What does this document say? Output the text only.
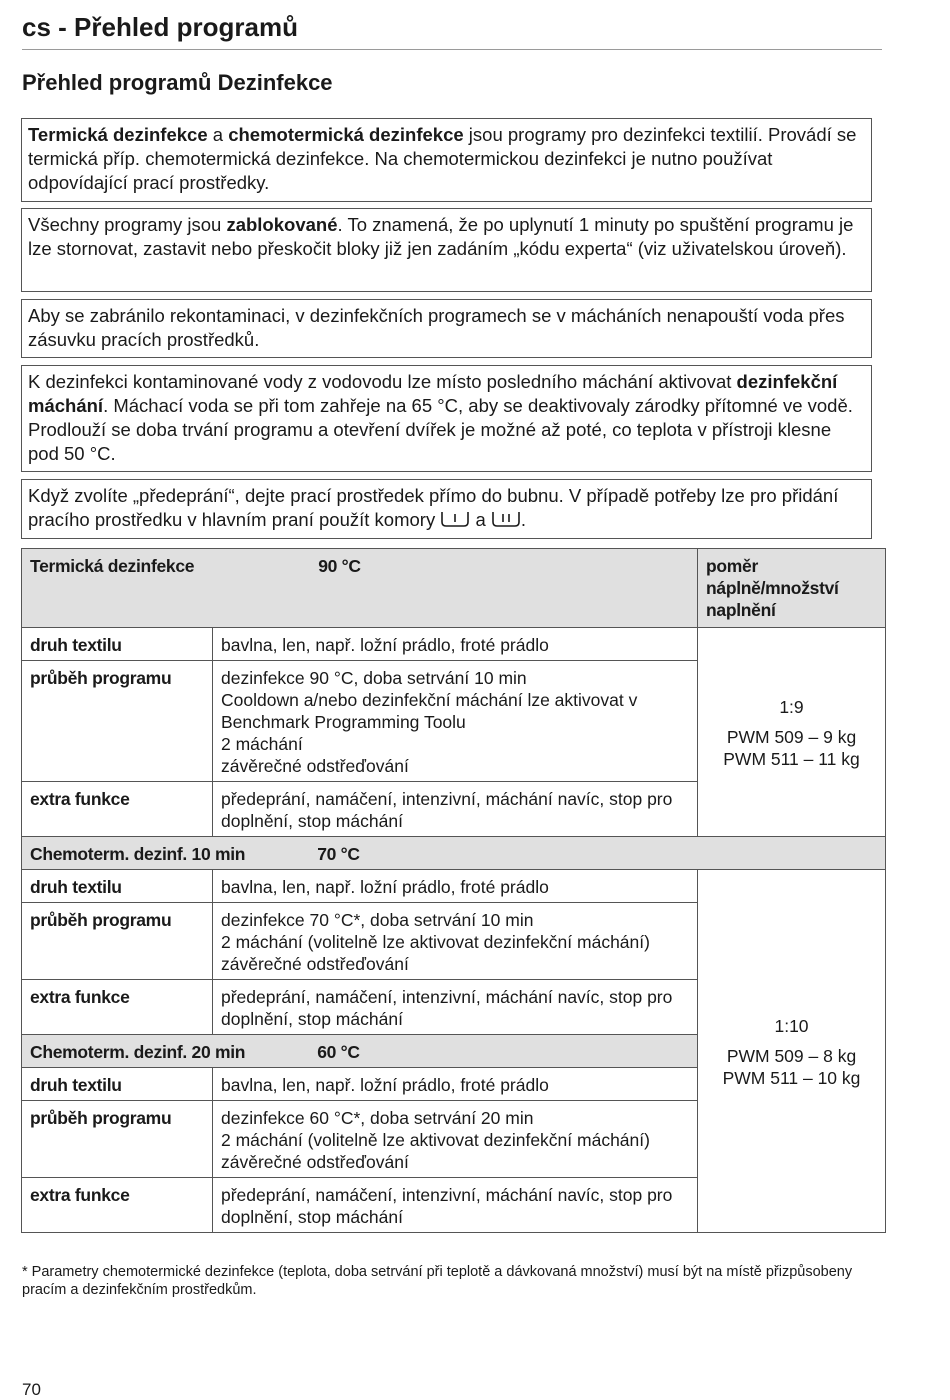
cs - Přehled programů
Přehled programů Dezinfekce
Termická dezinfekce a chemotermická dezinfekce jsou programy pro dezinfekci textilií. Provádí se termická příp. chemotermická dezinfekce. Na chemotermickou dezinfekci je nutno používat odpovídající prací prostředky.
Všechny programy jsou zablokované. To znamená, že po uplynutí 1 minuty po spuštění programu je lze stornovat, zastavit nebo přeskočit bloky již jen zadáním „kódu experta“ (viz uživatelskou úroveň).
Aby se zabránilo rekontaminaci, v dezinfekčních programech se v mácháních nenapouští voda přes zásuvku pracích prostředků.
K dezinfekci kontaminované vody z vodovodu lze místo posledního máchání aktivovat dezinfekční máchání. Máchací voda se při tom zahřeje na 65 °C, aby se deaktivovaly zárodky přítomné ve vodě. Prodlouží se doba trvání programu a otevření dvířek je možné až poté, co teplota v přístroji klesne pod 50 °C.
Když zvolíte „předeprání“, dejte prací prostředek přímo do bubnu. V případě potřeby lze pro přidání pracího prostředku v hlavním praní použít komory  a .
Termická dezinfekce 90 °C		poměr náplně/množství naplnění
druh textilu	bavlna, len, např. ložní prádlo, froté prádlo	1:9
PWM 509 – 9 kg
PWM 511 – 11 kg

průběh programu	dezinfekce 90 °C, doba setrvání 10 min
Cooldown a/nebo dezinfekční máchání lze aktivovat v Benchmark Programming Toolu
2 máchání
závěrečné odstřeďování	

extra funkce	předeprání, namáčení, intenzivní, máchání navíc, stop pro doplnění, stop máchání	
Chemoterm. dezinf. 10 min 70 °C		
druh textilu	bavlna, len, např. ložní prádlo, froté prádlo	1:10
PWM 509 – 8 kg
PWM 511 – 10 kg

průběh programu	dezinfekce 70 °C*, doba setrvání 10 min
2 máchání (volitelně lze aktivovat dezinfekční máchání)
závěrečné odstřeďování	

extra funkce	předeprání, namáčení, intenzivní, máchání navíc, stop pro doplnění, stop máchání	
Chemoterm. dezinf. 20 min 60 °C		
druh textilu	bavlna, len, např. ložní prádlo, froté prádlo	
průběh programu	dezinfekce 60 °C*, doba setrvání 20 min
2 máchání (volitelně lze aktivovat dezinfekční máchání)
závěrečné odstřeďování	

extra funkce	předeprání, namáčení, intenzivní, máchání navíc, stop pro doplnění, stop máchání	
* Parametry chemotermické dezinfekce (teplota, doba setrvání při teplotě a dávkovaná množství) musí být na místě přizpůsobeny pracím a dezinfekčním prostředkům.
70
